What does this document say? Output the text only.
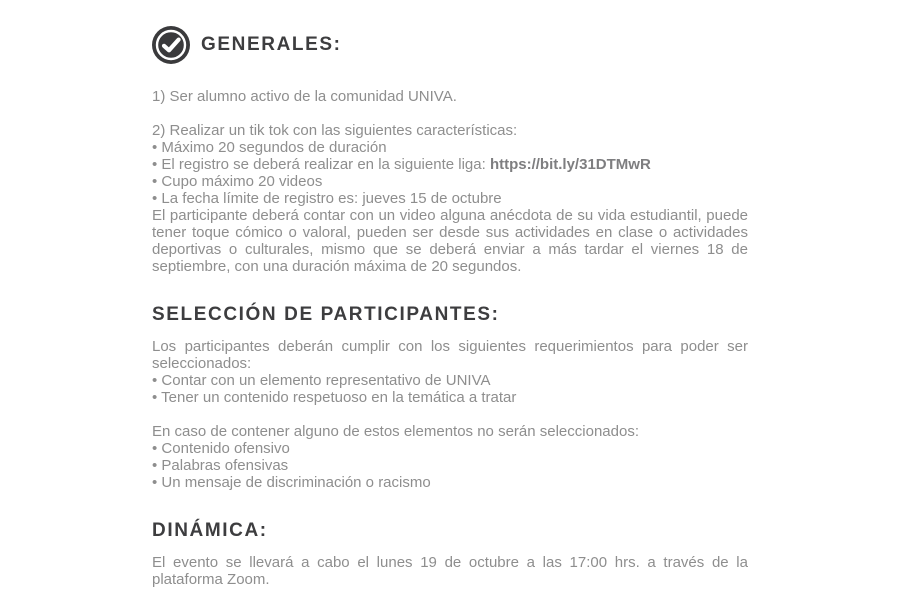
GENERALES:
1) Ser alumno activo de la comunidad UNIVA.
2) Realizar un tik tok con las siguientes características:
• Máximo 20 segundos de duración
• El registro se deberá realizar en la siguiente liga: https://bit.ly/31DTMwR
• Cupo máximo 20 videos
• La fecha límite de registro es: jueves 15 de octubre
El participante deberá contar con un video alguna anécdota de su vida estudiantil, puede tener toque cómico o valoral, pueden ser desde sus actividades en clase o actividades deportivas o culturales, mismo que se deberá enviar a más tardar el viernes 18 de septiembre, con una duración máxima de 20 segundos.
SELECCIÓN DE PARTICIPANTES:
Los participantes deberán cumplir con los siguientes requerimientos para poder ser seleccionados:
• Contar con un elemento representativo de UNIVA
• Tener un contenido respetuoso en la temática a tratar
En caso de contener alguno de estos elementos no serán seleccionados:
• Contenido ofensivo
• Palabras ofensivas
• Un mensaje de discriminación o racismo
DINÁMICA:
El evento se llevará a cabo el lunes 19 de octubre a las 17:00 hrs. a través de la plataforma Zoom.
